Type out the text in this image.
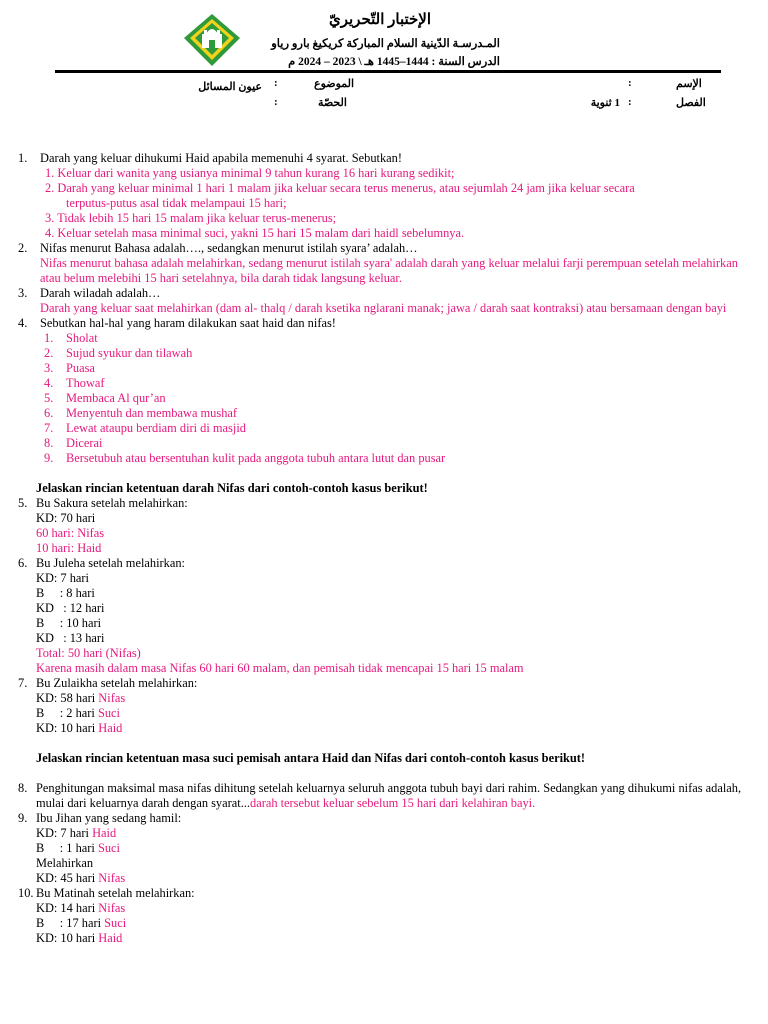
الإختبار التّحريريّ
المـدرسـة الدّينية السلام المباركة كريكيغ بارو رياو
الدرس السنة : 1444–1445 هـ \ 2023 – 2024 م
الإسم
:
الفصل
:
1 ثنوية
الموضوع
:
عيون المسائل
الحصّة
:
1. Darah yang keluar dihukumi Haid apabila memenuhi 4 syarat. Sebutkan!
1. Keluar dari wanita yang usianya minimal 9 tahun kurang 16 hari kurang sedikit;
2. Darah yang keluar minimal 1 hari 1 malam jika keluar secara terus menerus, atau sejumlah 24 jam jika keluar secara
terputus-putus asal tidak melampaui 15 hari;
3. Tidak lebih 15 hari 15 malam jika keluar terus-menerus;
4. Keluar setelah masa minimal suci, yakni 15 hari 15 malam dari haidl sebelumnya.
2. Nifas menurut Bahasa adalah…., sedangkan menurut istilah syara’ adalah…
Nifas menurut bahasa adalah melahirkan, sedang menurut istilah syara' adalah darah yang keluar melalui farji perempuan setelah melahirkan atau belum melebihi 15 hari setelahnya, bila darah tidak langsung keluar.
3. Darah wiladah adalah…
Darah yang keluar saat melahirkan (dam al- thalq / darah ksetika nglarani manak; jawa / darah saat kontraksi) atau bersamaan dengan bayi
4. Sebutkan hal-hal yang haram dilakukan saat haid dan nifas!
1. Sholat
2. Sujud syukur dan tilawah
3. Puasa
4. Thowaf
5. Membaca Al qur’an
6. Menyentuh dan membawa mushaf
7. Lewat ataupu berdiam diri di masjid
8. Dicerai
9. Bersetubuh atau bersentuhan kulit pada anggota tubuh antara lutut dan pusar
Jelaskan rincian ketentuan darah Nifas dari contoh-contoh kasus berikut!
5. Bu Sakura setelah melahirkan:
KD: 70 hari
60 hari: Nifas
10 hari: Haid
6. Bu Juleha setelah melahirkan:
KD: 7 hari
B     : 8 hari
KD   : 12 hari
B     : 10 hari
KD   : 13 hari
Total: 50 hari (Nifas)
Karena masih dalam masa Nifas 60 hari 60 malam, dan pemisah tidak mencapai 15 hari 15 malam
7. Bu Zulaikha setelah melahirkan:
KD: 58 hari Nifas
B     : 2 hari Suci
KD: 10 hari Haid
Jelaskan rincian ketentuan masa suci pemisah antara Haid dan Nifas dari contoh-contoh kasus berikut!
8. Penghitungan maksimal masa nifas dihitung setelah keluarnya seluruh anggota tubuh bayi dari rahim. Sedangkan yang dihukumi nifas adalah, mulai dari keluarnya darah dengan syarat...darah tersebut keluar sebelum 15 hari dari kelahiran bayi.
9. Ibu Jihan yang sedang hamil:
KD: 7 hari Haid
B     : 1 hari Suci
Melahirkan
KD: 45 hari Nifas
10. Bu Matinah setelah melahirkan:
KD: 14 hari Nifas
B     : 17 hari Suci
KD: 10 hari Haid
